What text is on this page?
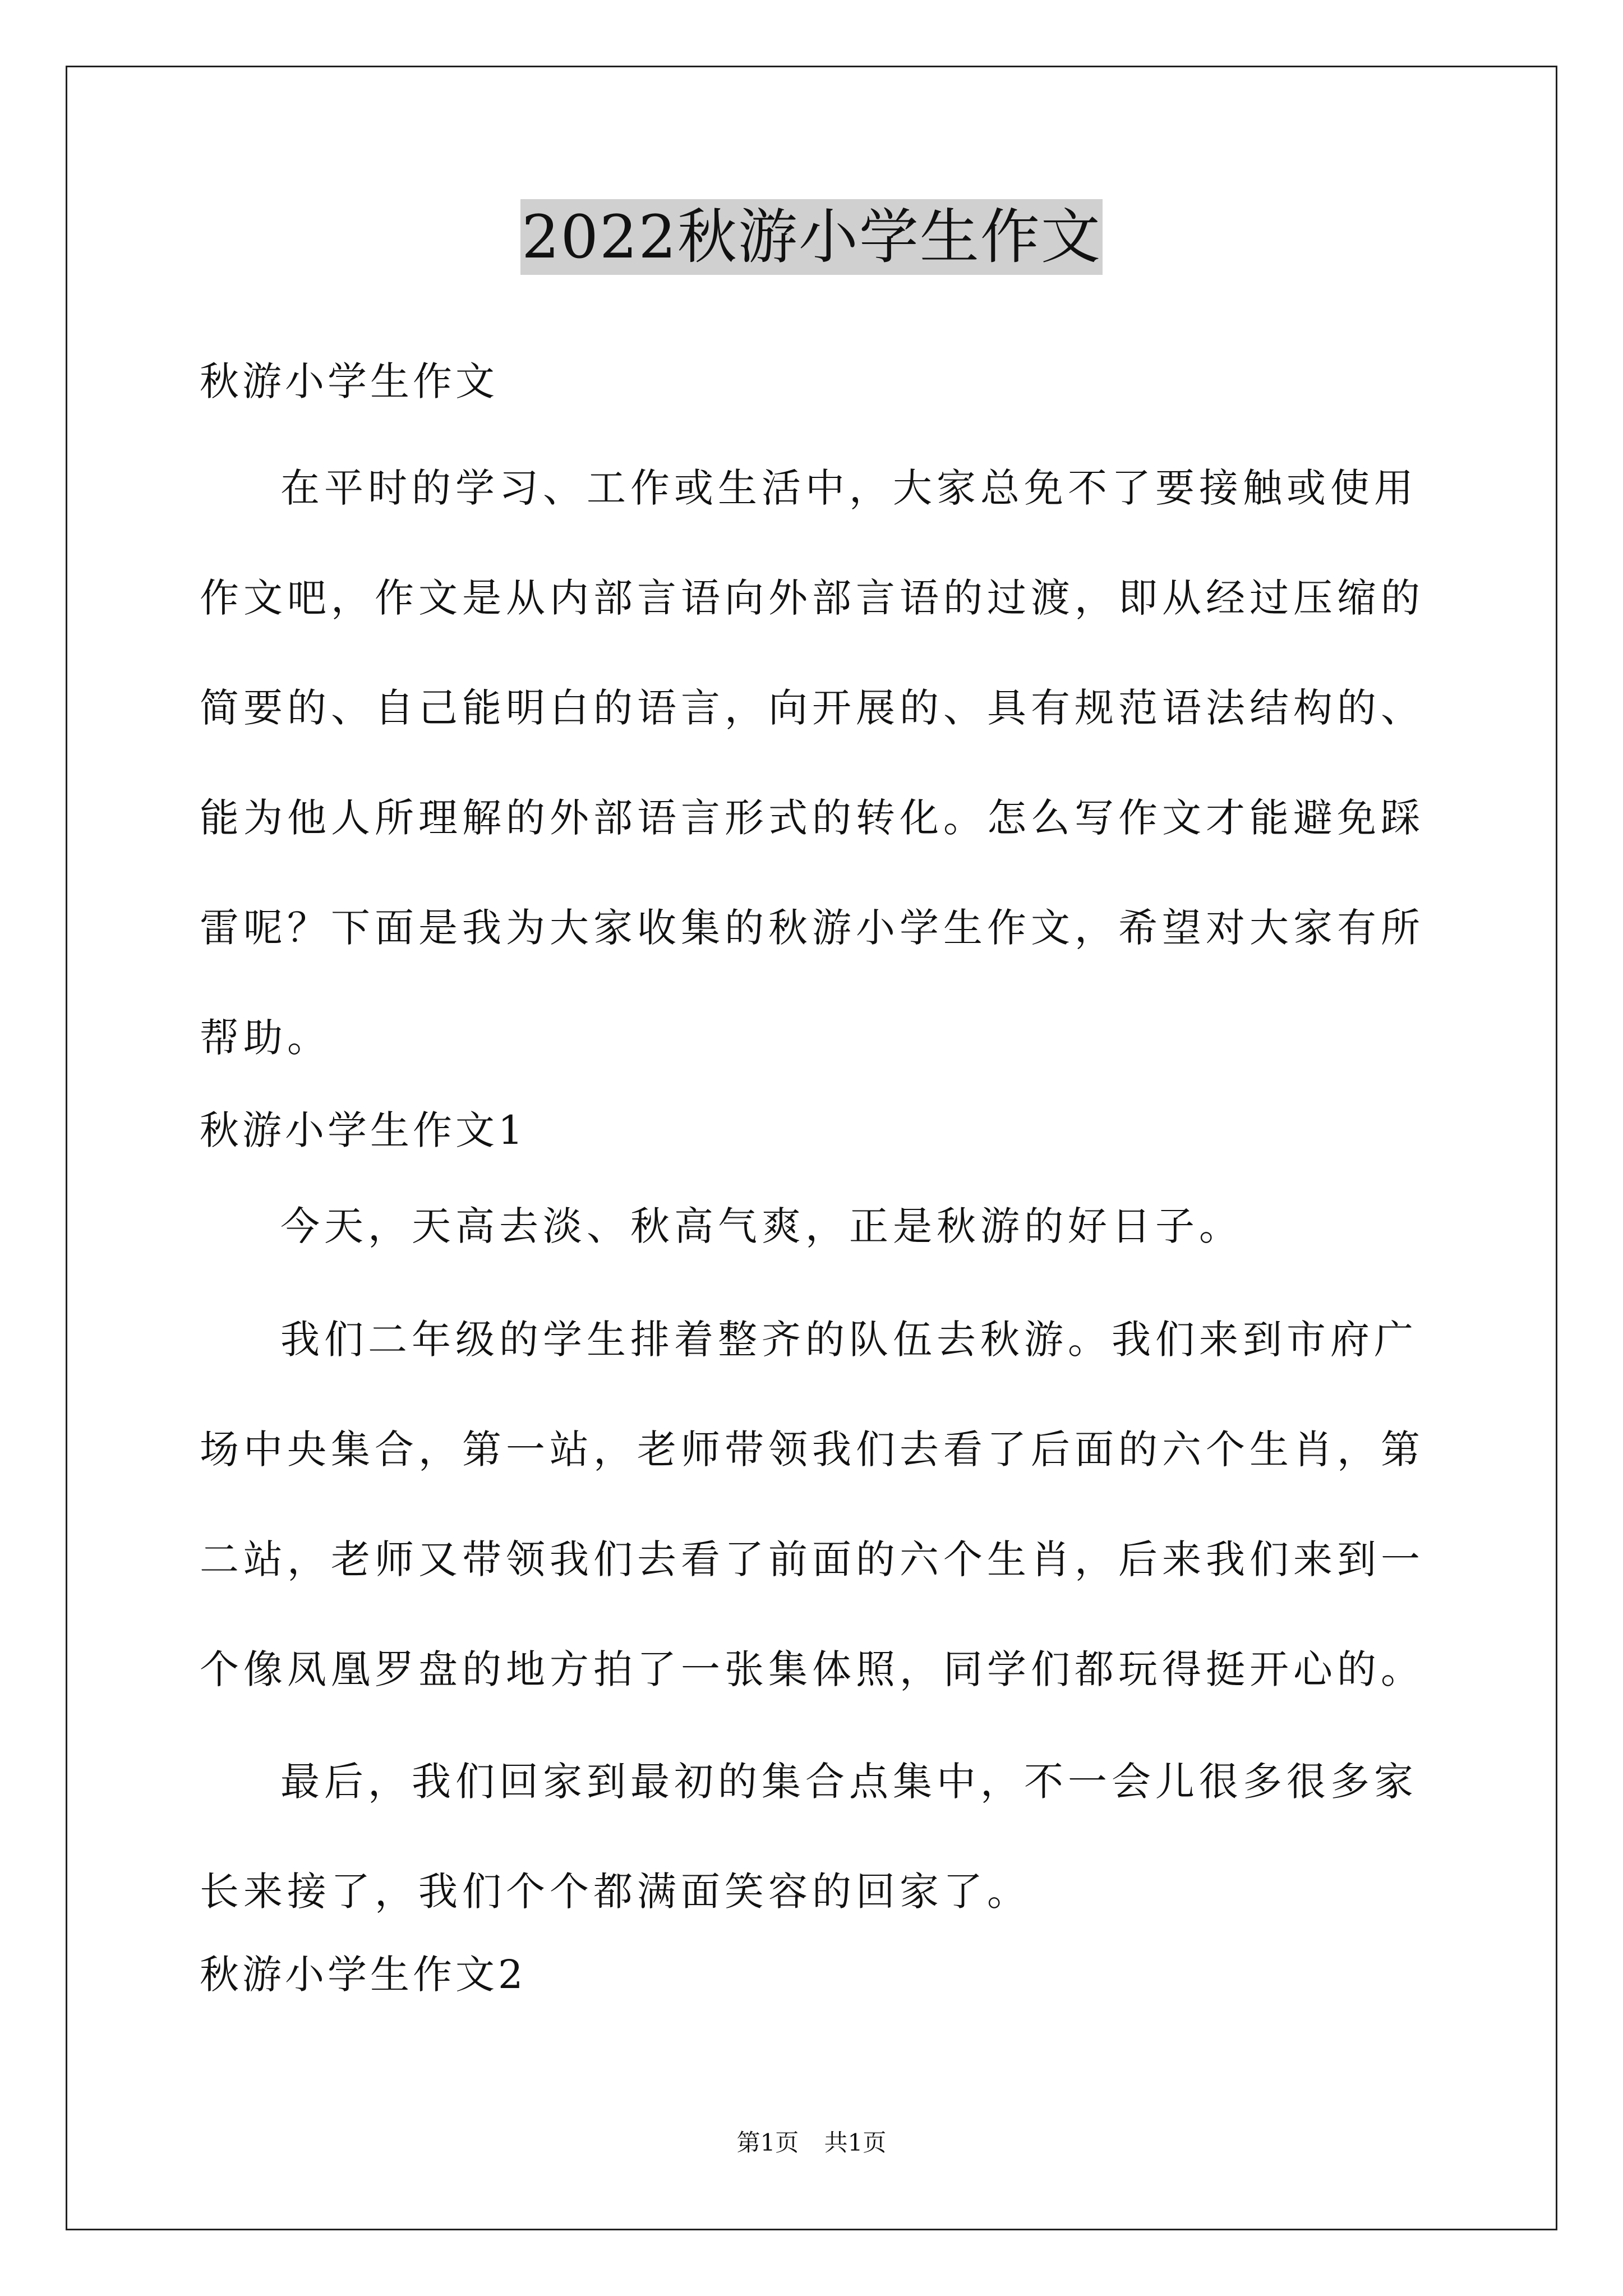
2022秋游小学生作文
秋游小学生作文
在平时的学习、工作或生活中，大家总免不了要接触或使用作文吧，作文是从内部言语向外部言语的过渡，即从经过压缩的简要的、自己能明白的语言，向开展的、具有规范语法结构的、能为他人所理解的外部语言形式的转化。怎么写作文才能避免踩雷呢？下面是我为大家收集的秋游小学生作文，希望对大家有所帮助。
秋游小学生作文1
今天，天高去淡、秋高气爽，正是秋游的好日子。
我们二年级的学生排着整齐的队伍去秋游。我们来到市府广场中央集合，第一站，老师带领我们去看了后面的六个生肖，第二站，老师又带领我们去看了前面的六个生肖，后来我们来到一个像凤凰罗盘的地方拍了一张集体照，同学们都玩得挺开心的。
最后，我们回家到最初的集合点集中，不一会儿很多很多家长来接了，我们个个都满面笑容的回家了。
秋游小学生作文2
第1页 共1页
